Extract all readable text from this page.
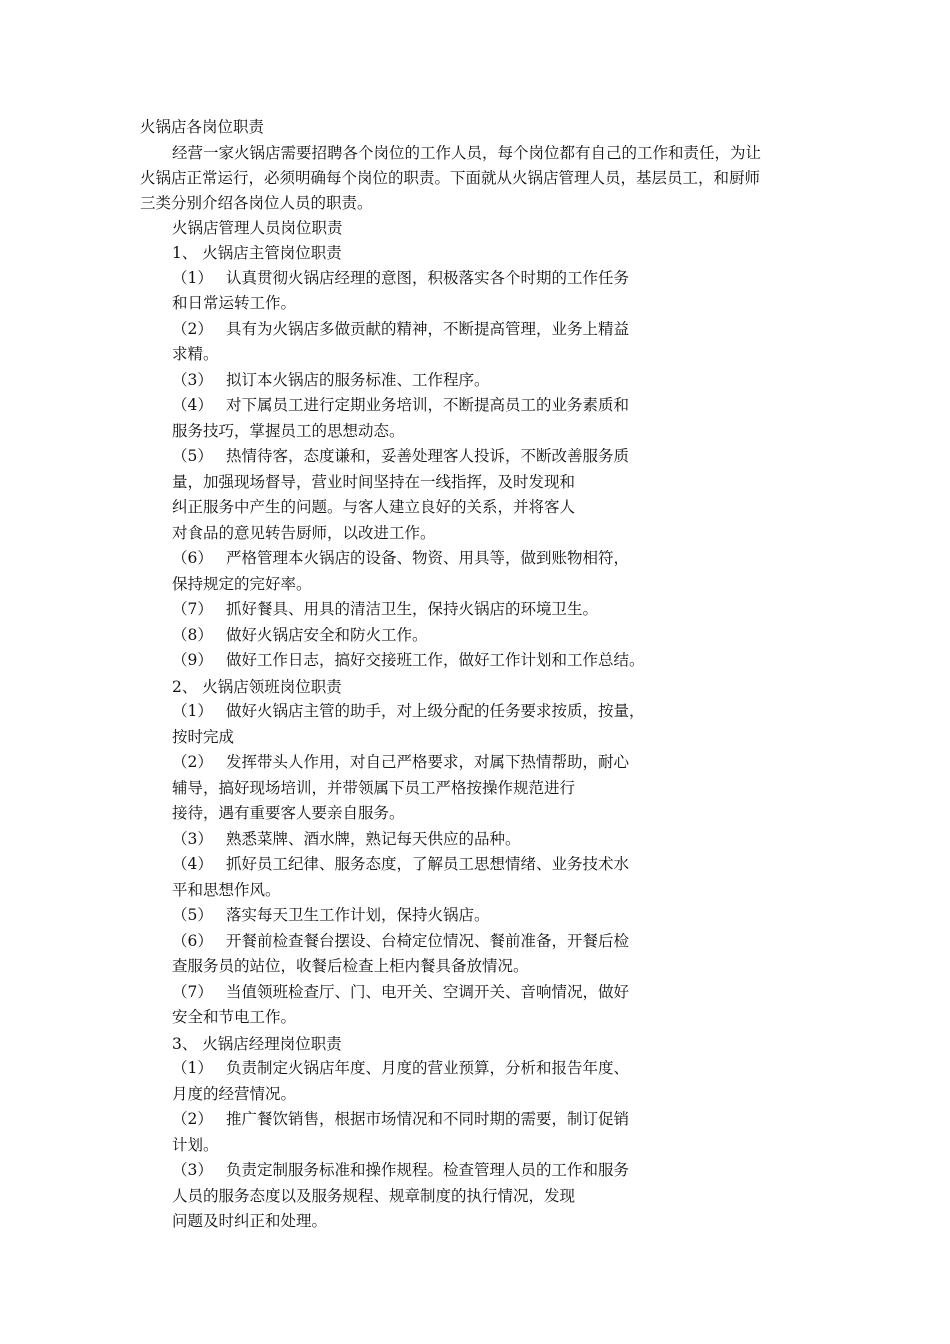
火锅店各岗位职责
经营一家火锅店需要招聘各个岗位的工作人员，每个岗位都有自己的工作和责任，为让
火锅店正常运行，必须明确每个岗位的职责。下面就从火锅店管理人员，基层员工，和厨师
三类分别介绍各岗位人员的职责。
火锅店管理人员岗位职责
1、 火锅店主管岗位职责
（1） 认真贯彻火锅店经理的意图，积极落实各个时期的工作任务
和日常运转工作。
（2） 具有为火锅店多做贡献的精神，不断提高管理，业务上精益
求精。
（3） 拟订本火锅店的服务标准、工作程序。
（4） 对下属员工进行定期业务培训，不断提高员工的业务素质和
服务技巧，掌握员工的思想动态。
（5） 热情待客，态度谦和，妥善处理客人投诉，不断改善服务质
量，加强现场督导，营业时间坚持在一线指挥，及时发现和
纠正服务中产生的问题。与客人建立良好的关系，并将客人
对食品的意见转告厨师，以改进工作。
（6） 严格管理本火锅店的设备、物资、用具等，做到账物相符，
保持规定的完好率。
（7） 抓好餐具、用具的清洁卫生，保持火锅店的环境卫生。
（8） 做好火锅店安全和防火工作。
（9） 做好工作日志，搞好交接班工作，做好工作计划和工作总结。
2、 火锅店领班岗位职责
（1） 做好火锅店主管的助手，对上级分配的任务要求按质，按量，
按时完成
（2） 发挥带头人作用，对自己严格要求，对属下热情帮助，耐心
辅导，搞好现场培训，并带领属下员工严格按操作规范进行
接待，遇有重要客人要亲自服务。
（3） 熟悉菜牌、酒水牌，熟记每天供应的品种。
（4） 抓好员工纪律、服务态度，了解员工思想情绪、业务技术水
平和思想作风。
（5） 落实每天卫生工作计划，保持火锅店。
（6） 开餐前检查餐台摆设、台椅定位情况、餐前准备，开餐后检
查服务员的站位，收餐后检查上柜内餐具备放情况。
（7） 当值领班检查厅、门、电开关、空调开关、音响情况，做好
安全和节电工作。
3、 火锅店经理岗位职责
（1） 负责制定火锅店年度、月度的营业预算，分析和报告年度、
月度的经营情况。
（2） 推广餐饮销售，根据市场情况和不同时期的需要，制订促销
计划。
（3） 负责定制服务标准和操作规程。检查管理人员的工作和服务
人员的服务态度以及服务规程、规章制度的执行情况，发现
问题及时纠正和处理。
